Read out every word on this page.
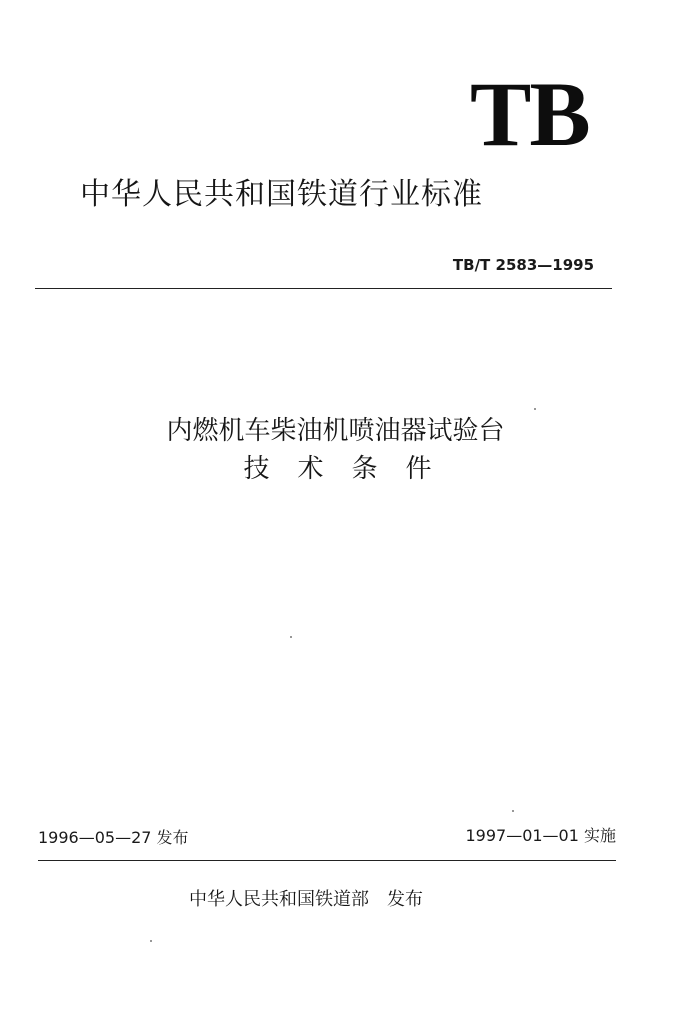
TB
中华人民共和国铁道行业标准
TB/T 2583—1995
内燃机车柴油机喷油器试验台
技术条件
1996—05—27 发布	1997—01—01 实施
中华人民共和国铁道部 发布
